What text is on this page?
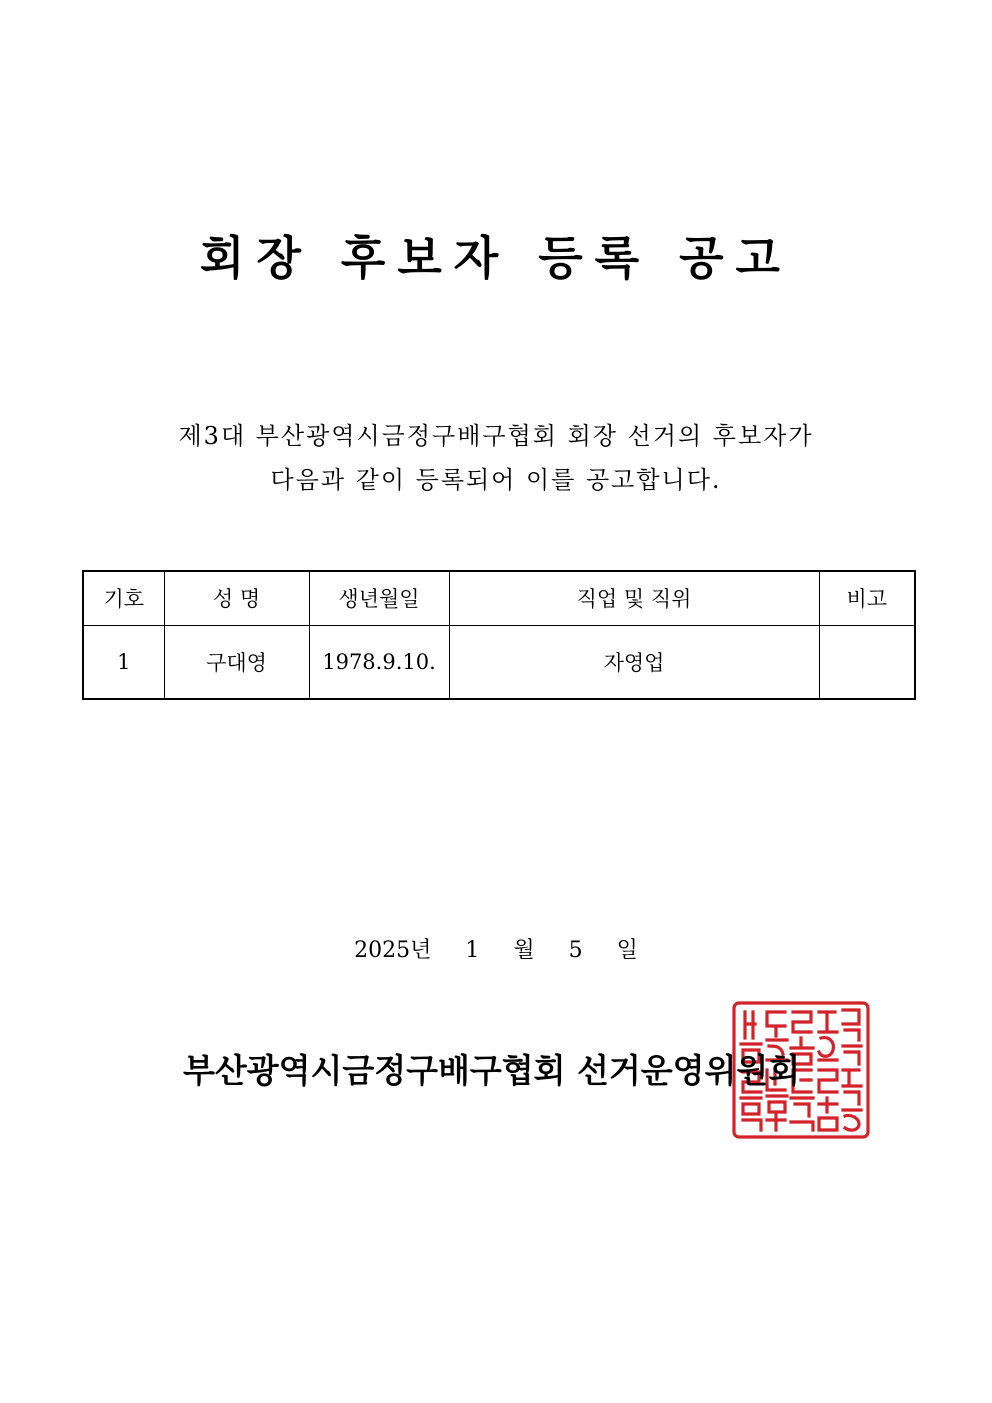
회장 후보자 등록 공고
제3대 부산광역시금정구배구협회 회장 선거의 후보자가
다음과 같이 등록되어 이를 공고합니다.
기호	성 명	생년월일	직업 및 직위	비고
1	구대영	1978.9.10.	자영업	
2025년 1 월 5 일
부산광역시금정구배구협회 선거운영위원회
